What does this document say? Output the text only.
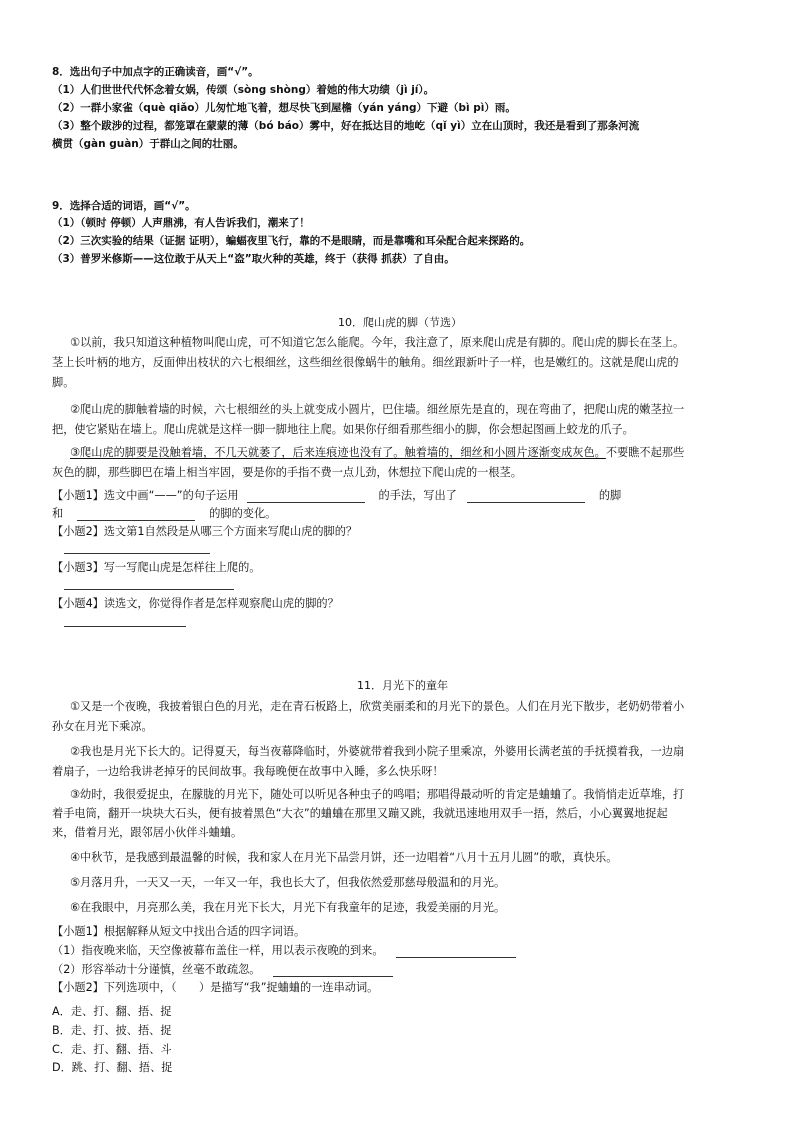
8．选出句子中加点字的正确读音，画“√”。
（1）人们世世代代怀念着女娲，传颂（sòng shòng）着她的伟大功绩（jì jí）。
（2）一群小家雀（què qiǎo）儿匆忙地飞着，想尽快飞到屋檐（yán yáng）下避（bì pì）雨。
（3）整个跋涉的过程，都笼罩在蒙蒙的薄（bó báo）雾中，好在抵达目的地屹（qǐ yì）立在山顶时，我还是看到了那条河流
横贯（gàn guàn）于群山之间的壮丽。
9．选择合适的词语，画“√”。
（1）（顿时 停顿）人声鼎沸，有人告诉我们，潮来了！
（2）三次实验的结果（证据 证明），蝙蝠夜里飞行，靠的不是眼睛，而是靠嘴和耳朵配合起来探路的。
（3）普罗米修斯——这位敢于从天上“盗”取火种的英雄，终于（获得 抓获）了自由。
10．爬山虎的脚（节选）
①以前，我只知道这种植物叫爬山虎，可不知道它怎么能爬。今年，我注意了，原来爬山虎是有脚的。爬山虎的脚长在茎上。
茎上长叶柄的地方，反面伸出枝状的六七根细丝，这些细丝很像蜗牛的触角。细丝跟新叶子一样，也是嫩红的。这就是爬山虎的
脚。
②爬山虎的脚触着墙的时候，六七根细丝的头上就变成小圆片，巴住墙。细丝原先是直的，现在弯曲了，把爬山虎的嫩茎拉一
把，使它紧贴在墙上。爬山虎就是这样一脚一脚地往上爬。如果你仔细看那些细小的脚，你会想起图画上蛟龙的爪子。
③爬山虎的脚要是没触着墙，不几天就萎了，后来连痕迹也没有了。触着墙的，细丝和小圆片逐渐变成灰色。不要瞧不起那些
灰色的脚，那些脚巴在墙上相当牢固，要是你的手指不费一点儿劲，休想拉下爬山虎的一根茎。
【小题1】选文中画“——”的句子运用	的手法，写出了	的脚
和	的脚的变化。
【小题2】选文第1自然段是从哪三个方面来写爬山虎的脚的？
【小题3】写一写爬山虎是怎样往上爬的。
【小题4】读选文，你觉得作者是怎样观察爬山虎的脚的？
11．月光下的童年
①又是一个夜晚，我披着银白色的月光，走在青石板路上，欣赏美丽柔和的月光下的景色。人们在月光下散步，老奶奶带着小
孙女在月光下乘凉。
②我也是月光下长大的。记得夏天，每当夜幕降临时，外婆就带着我到小院子里乘凉，外婆用长满老茧的手抚摸着我，一边扇
着扇子，一边给我讲老掉牙的民间故事。我每晚便在故事中入睡，多么快乐呀！
③幼时，我很爱捉虫，在朦胧的月光下，随处可以听见各种虫子的鸣唱；那唱得最动听的肯定是蛐蛐了。我悄悄走近草堆，打
着手电筒，翻开一块块大石头，便有披着黑色“大衣”的蛐蛐在那里又蹦又跳，我就迅速地用双手一捂，然后，小心翼翼地捉起
来，借着月光，跟邻居小伙伴斗蛐蛐。
④中秋节，是我感到最温馨的时候，我和家人在月光下品尝月饼，还一边唱着“八月十五月儿圆”的歌，真快乐。
⑤月落月升，一天又一天，一年又一年，我也长大了，但我依然爱那慈母般温和的月光。
⑥在我眼中，月亮那么美，我在月光下长大，月光下有我童年的足迹，我爱美丽的月光。
【小题1】根据解释从短文中找出合适的四字词语。
（1）指夜晚来临，天空像被幕布盖住一样，用以表示夜晚的到来。
（2）形容举动十分谨慎，丝毫不敢疏忽。
【小题2】下列选项中，（　　）是描写“我”捉蛐蛐的一连串动词。
A．走、打、翻、捂、捉
B．走、打、披、捂、捉
C．走、打、翻、捂、斗
D．跳、打、翻、捂、捉
